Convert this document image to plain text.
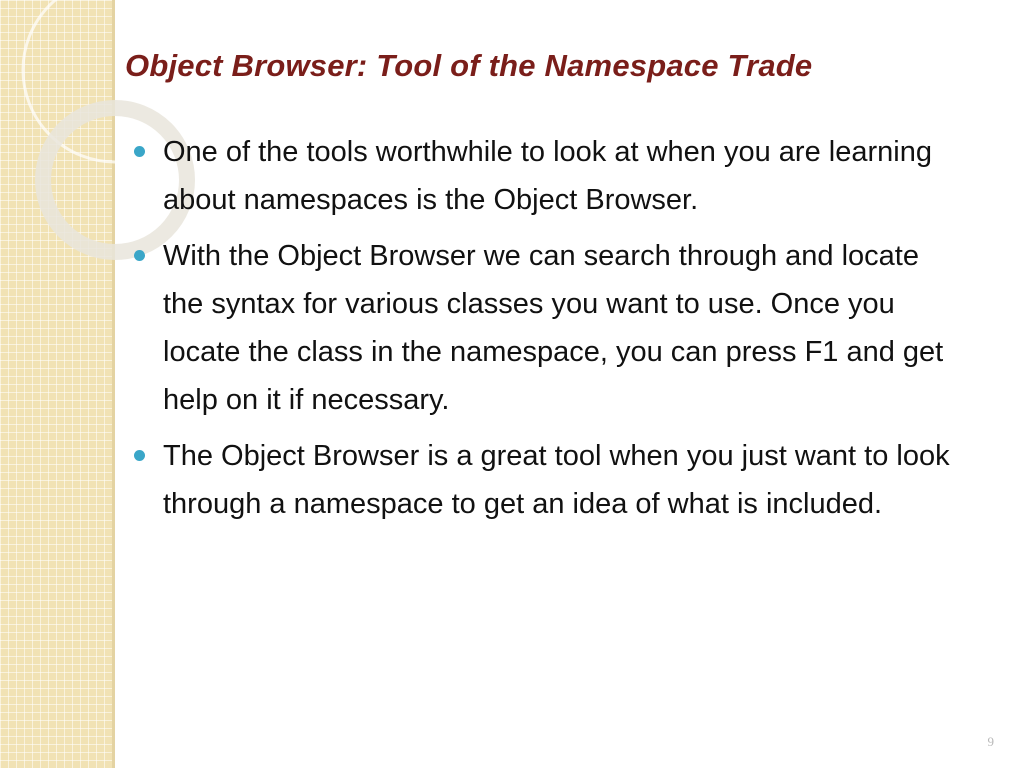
Object Browser: Tool of the Namespace Trade
One of the tools worthwhile to look at when you are learning about namespaces is the Object Browser.
With the Object Browser we can search through and locate the syntax for various classes you want to use. Once you locate the class in the namespace, you can press F1 and get help on it if necessary.
The Object Browser is a great tool when you just want to look through a namespace to get an idea of what is included.
9
